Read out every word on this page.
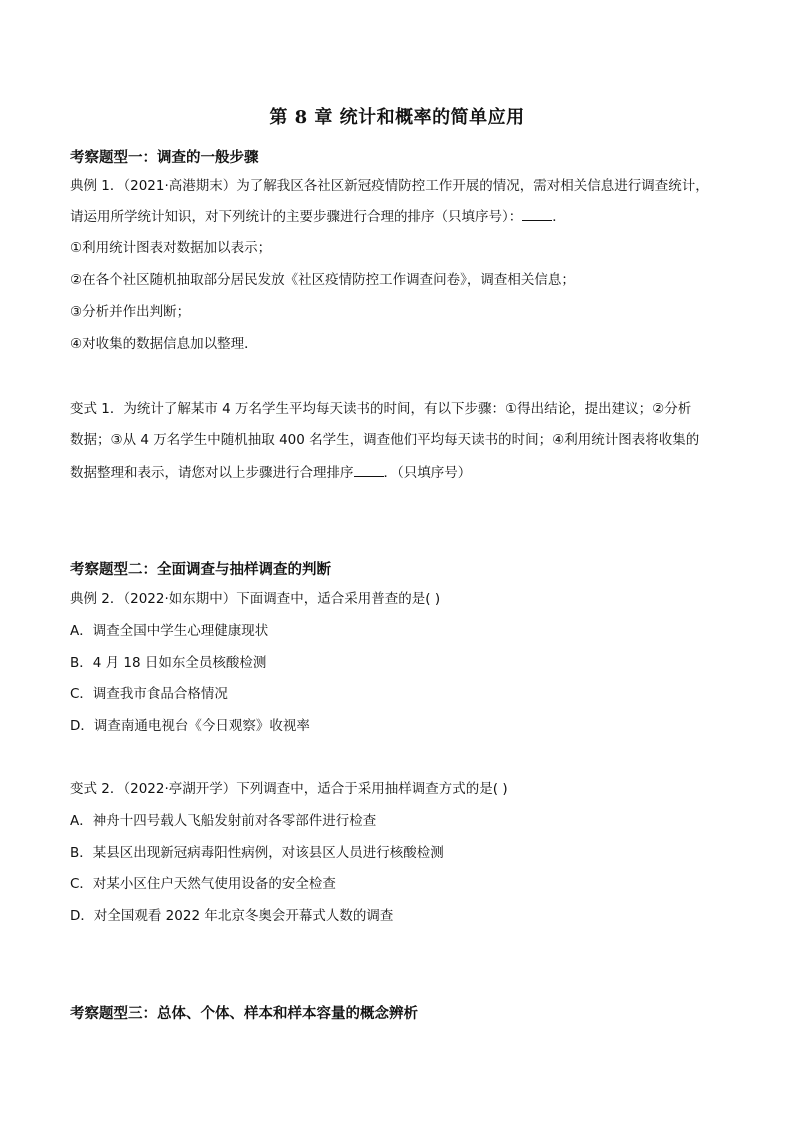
第 8 章 统计和概率的简单应用
考察题型一：调查的一般步骤
典例 1．（2021·高港期末）为了解我区各社区新冠疫情防控工作开展的情况，需对相关信息进行调查统计，
请运用所学统计知识，对下列统计的主要步骤进行合理的排序（只填序号）： ．
①利用统计图表对数据加以表示；
②在各个社区随机抽取部分居民发放《社区疫情防控工作调查问卷》，调查相关信息；
③分析并作出判断；
④对收集的数据信息加以整理．
变式 1．为统计了解某市 4 万名学生平均每天读书的时间，有以下步骤：①得出结论，提出建议；②分析
数据；③从 4 万名学生中随机抽取 400 名学生，调查他们平均每天读书的时间；④利用统计图表将收集的
数据整理和表示，请您对以上步骤进行合理排序 ．（只填序号）
考察题型二：全面调查与抽样调查的判断
典例 2．（2022·如东期中）下面调查中，适合采用普查的是( )
A．调查全国中学生心理健康现状
B．4 月 18 日如东全员核酸检测
C．调查我市食品合格情况
D．调查南通电视台《今日观察》收视率
变式 2．（2022·亭湖开学）下列调查中，适合于采用抽样调查方式的是( )
A．神舟十四号载人飞船发射前对各零部件进行检查
B．某县区出现新冠病毒阳性病例，对该县区人员进行核酸检测
C．对某小区住户天然气使用设备的安全检查
D．对全国观看 2022 年北京冬奥会开幕式人数的调查
考察题型三：总体、个体、样本和样本容量的概念辨析
